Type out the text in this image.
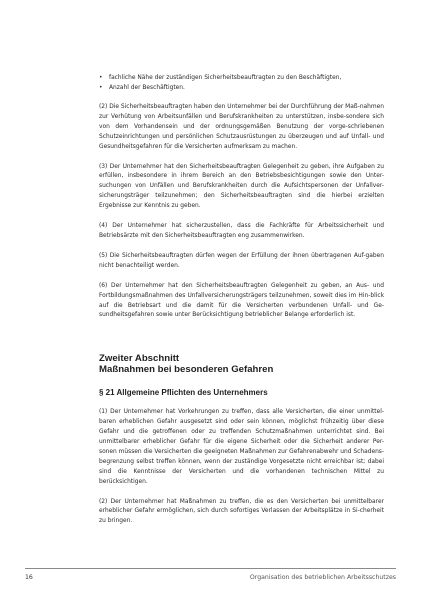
• fachliche Nähe der zuständigen Sicherheitsbeauftragten zu den Beschäftigten,
• Anzahl der Beschäftigten.

(2) Die Sicherheitsbeauftragten haben den Unternehmer bei der Durchführung der Maß-nahmen zur Verhütung von Arbeitsunfällen und Berufskrankheiten zu unterstützen, insbe-sondere sich von dem Vorhandensein und der ordnungsgemäßen Benutzung der vorge-schriebenen Schutzeinrichtungen und persönlichen Schutzausrüstungen zu überzeugen und auf Unfall- und Gesundheitsgefahren für die Versicherten aufmerksam zu machen.

(3) Der Unternehmer hat den Sicherheitsbeauftragten Gelegenheit zu geben, ihre Aufgaben zu erfüllen, insbesondere in ihrem Bereich an den Betriebsbesichtigungen sowie den Unter-suchungen von Unfällen und Berufskrankheiten durch die Aufsichtspersonen der Unfallver-sicherungsträger teilzunehmen; den Sicherheitsbeauftragten sind die hierbei erzielten Ergebnisse zur Kenntnis zu geben.

(4) Der Unternehmer hat sicherzustellen, dass die Fachkräfte für Arbeitssicherheit und Betriebsärzte mit den Sicherheitsbeauftragten eng zusammenwirken.

(5) Die Sicherheitsbeauftragten dürfen wegen der Erfüllung der ihnen übertragenen Auf-gaben nicht benachteiligt werden.

(6) Der Unternehmer hat den Sicherheitsbeauftragten Gelegenheit zu geben, an Aus- und Fortbildungsmaßnahmen des Unfallversicherungsträgers teilzunehmen, soweit dies im Hin-blick auf die Betriebsart und die damit für die Versicherten verbundenen Unfall- und Ge-sundheitsgefahren sowie unter Berücksichtigung betrieblicher Belange erforderlich ist.

Zweiter Abschnitt
Maßnahmen bei besonderen Gefahren
§ 21 Allgemeine Pflichten des Unternehmers

(1) Der Unternehmer hat Vorkehrungen zu treffen, dass alle Versicherten, die einer unmittel-baren erheblichen Gefahr ausgesetzt sind oder sein können, möglichst frühzeitig über diese Gefahr und die getroffenen oder zu treffenden Schutzmaßnahmen unterrichtet sind. Bei unmittelbarer erheblicher Gefahr für die eigene Sicherheit oder die Sicherheit anderer Per-sonen müssen die Versicherten die geeigneten Maßnahmen zur Gefahrenabwehr und Schadens-begrenzung selbst treffen können, wenn der zuständige Vorgesetzte nicht erreichbar ist; dabei sind die Kenntnisse der Versicherten und die vorhandenen technischen Mittel zu berücksichtigen.

(2) Der Unternehmer hat Maßnahmen zu treffen, die es den Versicherten bei unmittelbarer erheblicher Gefahr ermöglichen, sich durch sofortiges Verlassen der Arbeitsplätze in Si-cherheit zu bringen.

16	Organisation des betrieblichen Arbeitsschutzes
